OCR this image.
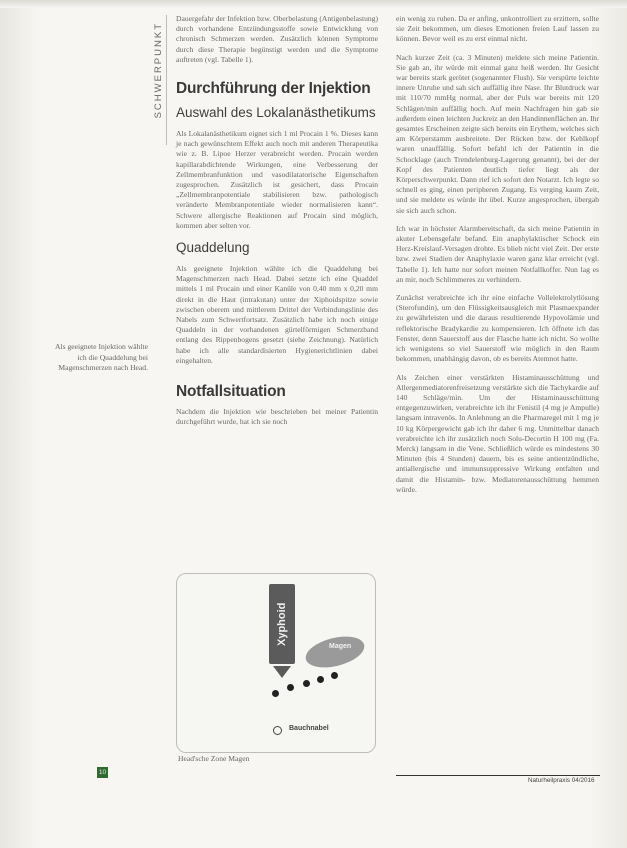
SCHWERPUNKT

Dauergefahr der Infektion bzw. Oberbelastung (Antigenbelastung) durch vorhandene Entzündungsstoffe sowie Entwicklung von chronisch Schmerzen werden. Zusätzlich können Symptome durch diese Therapie begünstigt werden und die Symptome auftreten (vgl. Tabelle 1).

Durchführung der Injektion
Auswahl des Lokalanästhetikums

Als Lokalanästhetikum eignet sich 1 ml Procain 1 %. Dieses kann je nach gewünschtem Effekt auch noch mit anderen Therapeutika wie z. B. Lipoe Herzer verabreicht werden. Procain werden kapillarabdichtende Wirkungen, eine Verbesserung der Zellmembranfunktion und vasodilatatorische Eigenschaften zugesprochen. Zusätzlich ist gesichert, dass Procain „Zellmembranpotentiale stabilisieren bzw. pathologisch veränderte Membranpotentiale wieder normalisieren kann“. Schwere allergische Reaktionen auf Procain sind möglich, kommen aber selten vor.

Quaddelung

Als geeignete Injektion wählte ich die Quaddelung bei Magenschmerzen nach Head. Dabei setzte ich eine Quaddel mittels 1 ml Procain und einer Kanüle von 0,40 mm x 0,20 mm direkt in die Haut (intrakutan) unter der Xiphoidspitze sowie zwischen oberem und mittlerem Drittel der Verbindungslinie des Nabels zum Schwertfortsatz. Zusätzlich habe ich noch einige Quaddeln in der vorhandenen gürtelförmigen Schmerzband entlang des Rippenbogens gesetzt (siehe Zeichnung). Natürlich habe ich alle standardisierten Hygienerichtlinien dabei eingehalten.

Notfallsituation

Nachdem die Injektion wie beschrieben bei meiner Patientin durchgeführt wurde, hat ich sie noch

Als geeignete Injektion wählte ich die Quaddelung bei Magenschmerzen nach Head.
Xyphoid
Magen
Bauchnabel
Head'sche Zone Magen

ein wenig zu ruhen. Da er anfing, unkontrolliert zu erzittern, sollte sie Zeit bekommen, um dieses Emotionen freien Lauf lassen zu können. Bevor weil es zu erst einmal nicht.

Nach kurzer Zeit (ca. 3 Minuten) meldete sich meine Patientin. Sie gab an, ihr würde mit einmal ganz heiß werden. Ihr Gesicht war bereits stark gerötet (sogenannter Flush). Sie verspürte leichte innere Unruhe und sah sich auffällig ihre Nase. Ihr Blutdruck war mit 110/70 mmHg normal, aber der Puls war bereits mit 120 Schlägen/min auffällig hoch. Auf mein Nachfragen hin gab sie außerdem einen leichten Juckreiz an den Handinnenflächen an. Ihr gesamtes Erscheinen zeigte sich bereits ein Erythem, welches sich am Körperstamm ausbreitete. Der Rücken bzw. der Kehlkopf waren unauffällig. Sofort befahl ich der Patientin in die Schocklage (auch Trendelenburg-Lagerung genannt), bei der der Kopf des Patienten deutlich tiefer liegt als der Körperschwerpunkt. Dann rief ich sofort den Notarzt. Ich legte so schnell es ging, einen peripheren Zugang. Es verging kaum Zeit, und sie meldete es würde ihr übel. Kurze angesprochen, übergab sie sich auch schon.

Ich war in höchster Alarmbereitschaft, da sich meine Patientin in akuter Lebensgefahr befand. Ein anaphylaktischer Schock ein Herz-Kreislauf-Versagen drohte. Es blieb nicht viel Zeit. Der erste bzw. zwei Stadien der Anaphylaxie waren ganz klar erreicht (vgl. Tabelle 1). Ich hatte nur sofort meinen Notfallkoffer. Nun lag es an mir, noch Schlimmeres zu verhindern.

Zunächst verabreichte ich ihr eine einfache Vollelektrolytlösung (Sterofundin), um den Flüssigkeitsausgleich mit Plasmaexpander zu gewährleisten und die daraus resultierende Hypovolämie und reflektorische Bradykardie zu kompensieren. Ich öffnete ich das Fenster, denn Sauerstoff aus der Flasche hatte ich nicht. So wollte ich wenigstens so viel Sauerstoff wie möglich in den Raum bekommen, unabhängig davon, ob es bereits Atemnot hatte.

Als Zeichen einer verstärkten Histaminausschüttung und Allergenmediatorenfreisetzung verstärkte sich die Tachykardie auf 140 Schläge/min. Um der Histaminausschüttung entgegenzuwirken, verabreichte ich ihr Fenistil (4 mg je Ampulle) langsam intravenös. In Anlehnung an die Pharmaregel mit 1 mg je 10 kg Körpergewicht gab ich ihr daher 6 mg. Unmittelbar danach verabreichte ich ihr zusätzlich noch Solu-Decortin H 100 mg (Fa. Merck) langsam in die Vene. Schließlich würde es mindestens 30 Minuten (bis 4 Stunden) dauern, bis es seine antientzündliche, antiallergische und immunsuppressive Wirkung entfalten und damit die Histamin- bzw. Mediatorenausschüttung hemmen würde.

10
Naturheilpraxis 04/2016
